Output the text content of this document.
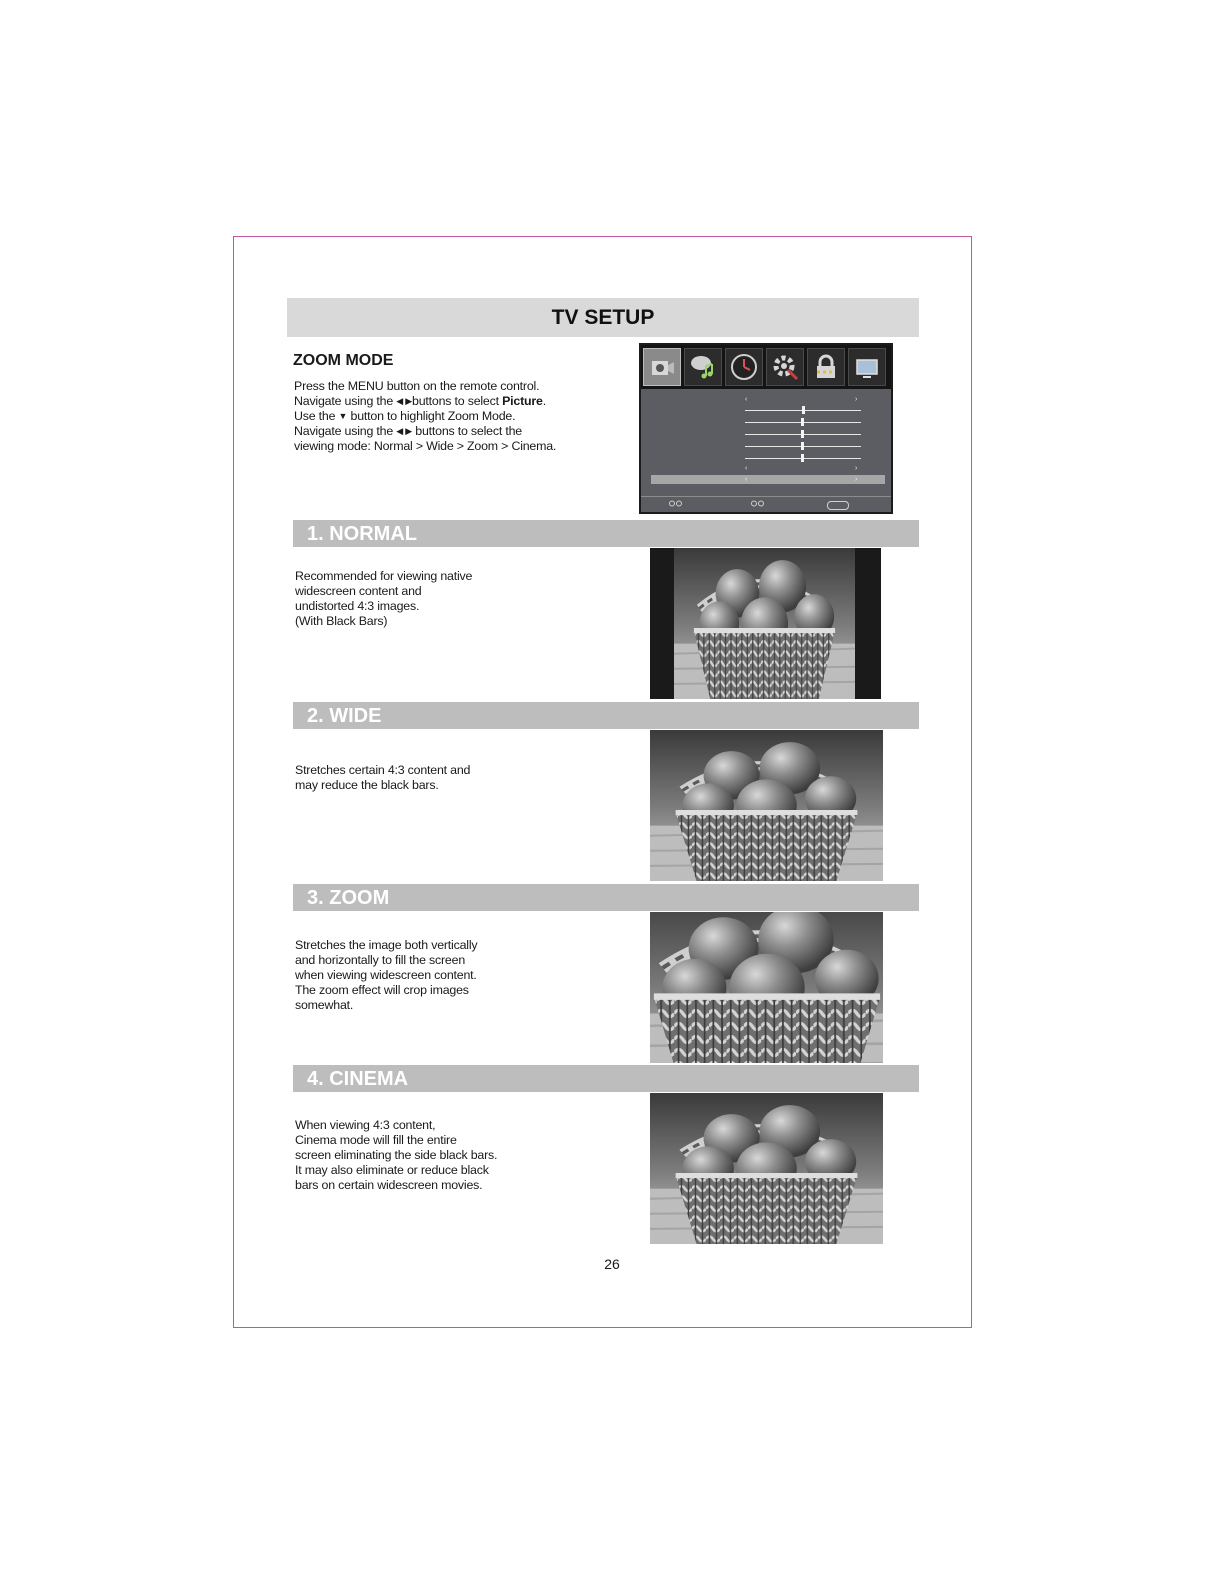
TV SETUP
ZOOM MODE
Press the MENU button on the remote control.
Navigate using the ◀ ▶buttons to select Picture.
Use the ▼ button to highlight Zoom Mode.
Navigate using the ◀ ▶ buttons to select the
viewing mode: Normal > Wide > Zoom > Cinema.
‹	›
‹	›
‹	›
1. NORMAL
Recommended for viewing native
widescreen content and
undistorted 4:3 images.
(With Black Bars)
2. WIDE
Stretches certain 4:3 content and
may reduce the black bars.
3. ZOOM
Stretches the image both vertically
and horizontally to fill the screen
when viewing widescreen content.
The zoom effect will crop images
somewhat.
4. CINEMA
When viewing 4:3 content,
Cinema mode will fill the entire
screen eliminating the side black bars.
It may also eliminate or reduce black
bars on certain widescreen movies.
26
